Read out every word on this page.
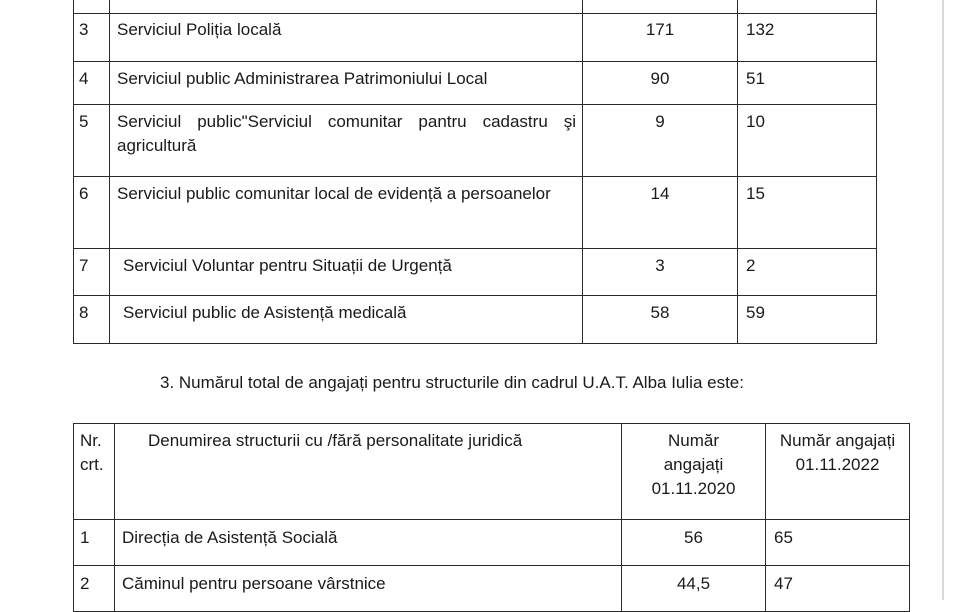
3	Serviciul Poliția locală	171	132
4	Serviciul public Administrarea Patrimoniului Local	90	51
5	Serviciul public"Serviciul comunitar pantru cadastru şi agricultură	9	10
6	Serviciul public comunitar local de evidență a persoanelor	14	15
7	Serviciul Voluntar pentru Situații de Urgență	3	2
8	Serviciul public de Asistență medicală	58	59
3. Numărul total de angajați pentru structurile din cadrul U.A.T. Alba Iulia este:
Nr. crt.	Denumirea structurii cu /fără personalitate juridică	Număr angajați 01.11.2020	Număr angajați 01.11.2022
1	Direcția de Asistență Socială	56	65
2	Căminul pentru persoane vârstnice	44,5	47
